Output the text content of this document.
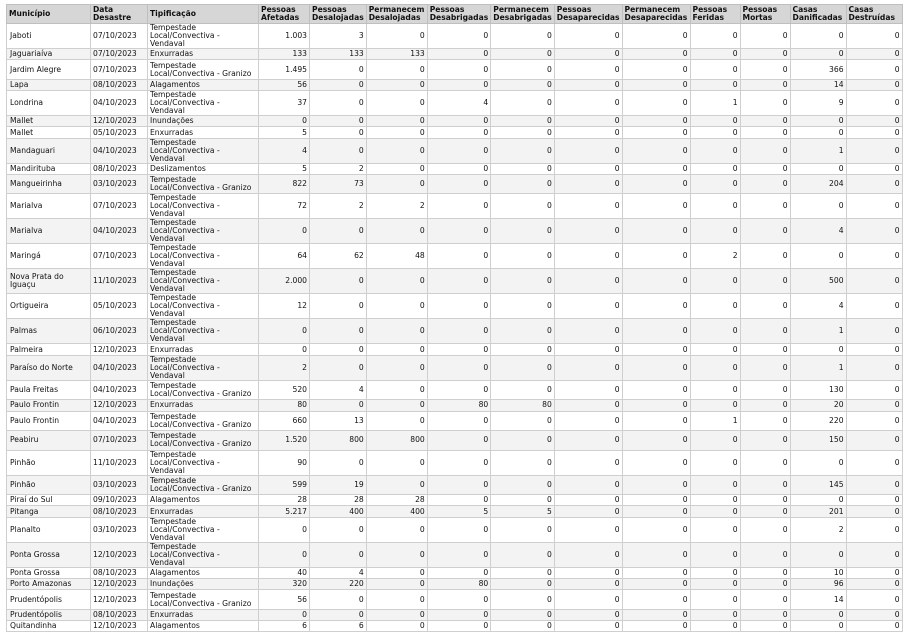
Município	Data Desastre	Tipificação	Pessoas Afetadas	Pessoas Desalojadas	Permanecem Desalojadas	Pessoas Desabrigadas	Permanecem Desabrigadas	Pessoas Desaparecidas	Permanecem Desaparecidas	Pessoas Feridas	Pessoas Mortas	Casas Danificadas	Casas Destruídas
Jaboti	07/10/2023	Tempestade Local/Convectiva - Vendaval	1.003	3	0	0	0	0	0	0	0	0	0
Jaguariaíva	07/10/2023	Enxurradas	133	133	133	0	0	0	0	0	0	0	0
Jardim Alegre	07/10/2023	Tempestade Local/Convectiva - Granizo	1.495	0	0	0	0	0	0	0	0	366	0
Lapa	08/10/2023	Alagamentos	56	0	0	0	0	0	0	0	0	14	0
Londrina	04/10/2023	Tempestade Local/Convectiva - Vendaval	37	0	0	4	0	0	0	1	0	9	0
Mallet	12/10/2023	Inundações	0	0	0	0	0	0	0	0	0	0	0
Mallet	05/10/2023	Enxurradas	5	0	0	0	0	0	0	0	0	0	0
Mandaguari	04/10/2023	Tempestade Local/Convectiva - Vendaval	4	0	0	0	0	0	0	0	0	1	0
Mandirituba	08/10/2023	Deslizamentos	5	2	0	0	0	0	0	0	0	0	0
Mangueirinha	03/10/2023	Tempestade Local/Convectiva - Granizo	822	73	0	0	0	0	0	0	0	204	0
Marialva	07/10/2023	Tempestade Local/Convectiva - Vendaval	72	2	2	0	0	0	0	0	0	0	0
Marialva	04/10/2023	Tempestade Local/Convectiva - Vendaval	0	0	0	0	0	0	0	0	0	4	0
Maringá	07/10/2023	Tempestade Local/Convectiva - Vendaval	64	62	48	0	0	0	0	2	0	0	0
Nova Prata do Iguaçu	11/10/2023	Tempestade Local/Convectiva - Vendaval	2.000	0	0	0	0	0	0	0	0	500	0
Ortigueira	05/10/2023	Tempestade Local/Convectiva - Vendaval	12	0	0	0	0	0	0	0	0	4	0
Palmas	06/10/2023	Tempestade Local/Convectiva - Vendaval	0	0	0	0	0	0	0	0	0	1	0
Palmeira	12/10/2023	Enxurradas	0	0	0	0	0	0	0	0	0	0	0
Paraíso do Norte	04/10/2023	Tempestade Local/Convectiva - Vendaval	2	0	0	0	0	0	0	0	0	1	0
Paula Freitas	04/10/2023	Tempestade Local/Convectiva - Granizo	520	4	0	0	0	0	0	0	0	130	0
Paulo Frontin	12/10/2023	Enxurradas	80	0	0	80	80	0	0	0	0	20	0
Paulo Frontin	04/10/2023	Tempestade Local/Convectiva - Granizo	660	13	0	0	0	0	0	1	0	220	0
Peabiru	07/10/2023	Tempestade Local/Convectiva - Granizo	1.520	800	800	0	0	0	0	0	0	150	0
Pinhão	11/10/2023	Tempestade Local/Convectiva - Vendaval	90	0	0	0	0	0	0	0	0	0	0
Pinhão	03/10/2023	Tempestade Local/Convectiva - Granizo	599	19	0	0	0	0	0	0	0	145	0
Piraí do Sul	09/10/2023	Alagamentos	28	28	28	0	0	0	0	0	0	0	0
Pitanga	08/10/2023	Enxurradas	5.217	400	400	5	5	0	0	0	0	201	0
Planalto	03/10/2023	Tempestade Local/Convectiva - Vendaval	0	0	0	0	0	0	0	0	0	2	0
Ponta Grossa	12/10/2023	Tempestade Local/Convectiva - Vendaval	0	0	0	0	0	0	0	0	0	0	0
Ponta Grossa	08/10/2023	Alagamentos	40	4	0	0	0	0	0	0	0	10	0
Porto Amazonas	12/10/2023	Inundações	320	220	0	80	0	0	0	0	0	96	0
Prudentópolis	12/10/2023	Tempestade Local/Convectiva - Granizo	56	0	0	0	0	0	0	0	0	14	0
Prudentópolis	08/10/2023	Enxurradas	0	0	0	0	0	0	0	0	0	0	0
Quitandinha	12/10/2023	Alagamentos	6	6	0	0	0	0	0	0	0	0	0
